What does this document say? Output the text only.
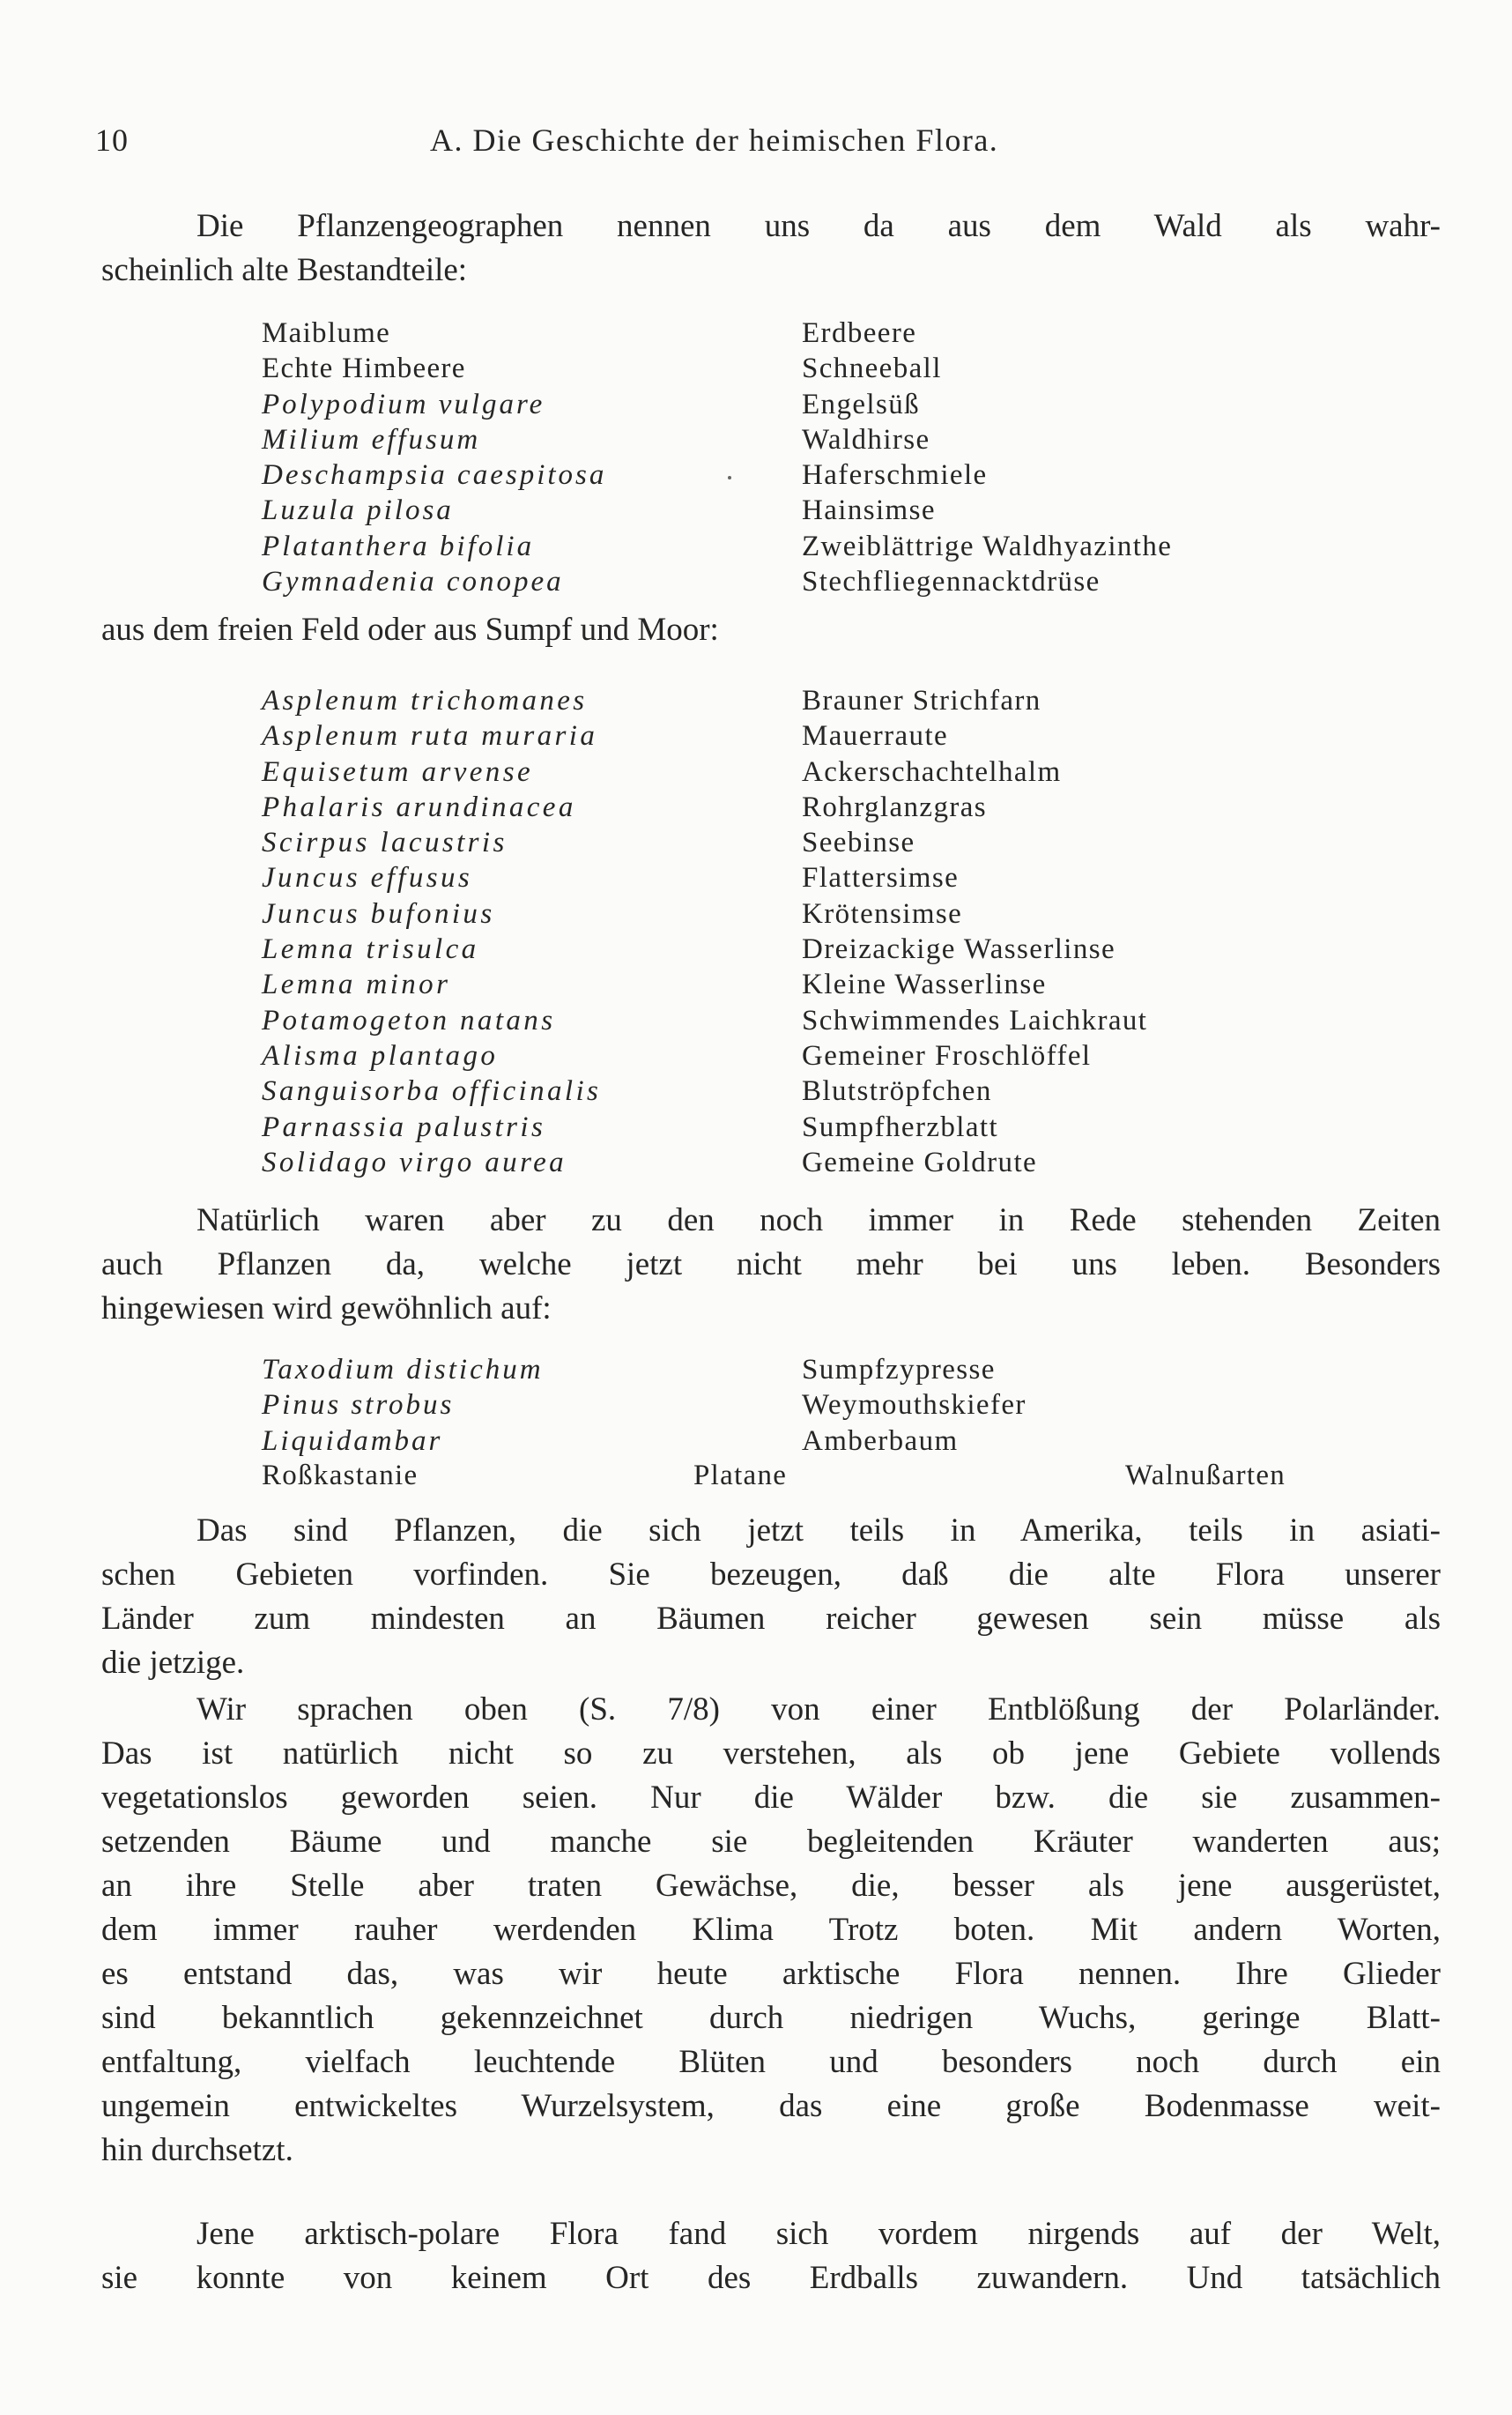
10	A. Die Geschichte der heimischen Flora.
Die Pflanzengeographen nennen uns da aus dem Wald als wahr-
scheinlich alte Bestandteile:
Maiblume	Erdbeere
Echte Himbeere	Schneeball
Polypodium vulgare	Engelsüß
Milium effusum	Waldhirse
Deschampsia caespitosa	Haferschmiele
Luzula pilosa	Hainsimse
Platanthera bifolia	Zweiblättrige Waldhyazinthe
Gymnadenia conopea	Stechfliegennacktdrüse
aus dem freien Feld oder aus Sumpf und Moor:
Asplenum trichomanes	Brauner Strichfarn
Asplenum ruta muraria	Mauerraute
Equisetum arvense	Ackerschachtelhalm
Phalaris arundinacea	Rohrglanzgras
Scirpus lacustris	Seebinse
Juncus effusus	Flattersimse
Juncus bufonius	Krötensimse
Lemna trisulca	Dreizackige Wasserlinse
Lemna minor	Kleine Wasserlinse
Potamogeton natans	Schwimmendes Laichkraut
Alisma plantago	Gemeiner Froschlöffel
Sanguisorba officinalis	Blutströpfchen
Parnassia palustris	Sumpfherzblatt
Solidago virgo aurea	Gemeine Goldrute
Natürlich waren aber zu den noch immer in Rede stehenden Zeiten
auch Pflanzen da, welche jetzt nicht mehr bei uns leben. Besonders
hingewiesen wird gewöhnlich auf:
Taxodium distichum	Sumpfzypresse
Pinus strobus	Weymouthskiefer
Liquidambar	Amberbaum
Roßkastanie	Platane	Walnußarten
Das sind Pflanzen, die sich jetzt teils in Amerika, teils in asiati-
schen Gebieten vorfinden. Sie bezeugen, daß die alte Flora unserer
Länder zum mindesten an Bäumen reicher gewesen sein müsse als
die jetzige.
Wir sprachen oben (S. 7/8) von einer Entblößung der Polarländer.
Das ist natürlich nicht so zu verstehen, als ob jene Gebiete vollends
vegetationslos geworden seien. Nur die Wälder bzw. die sie zusammen-
setzenden Bäume und manche sie begleitenden Kräuter wanderten aus;
an ihre Stelle aber traten Gewächse, die, besser als jene ausgerüstet,
dem immer rauher werdenden Klima Trotz boten. Mit andern Worten,
es entstand das, was wir heute arktische Flora nennen. Ihre Glieder
sind bekanntlich gekennzeichnet durch niedrigen Wuchs, geringe Blatt-
entfaltung, vielfach leuchtende Blüten und besonders noch durch ein
ungemein entwickeltes Wurzelsystem, das eine große Bodenmasse weit-
hin durchsetzt.
Jene arktisch-polare Flora fand sich vordem nirgends auf der Welt,
sie konnte von keinem Ort des Erdballs zuwandern. Und tatsächlich
